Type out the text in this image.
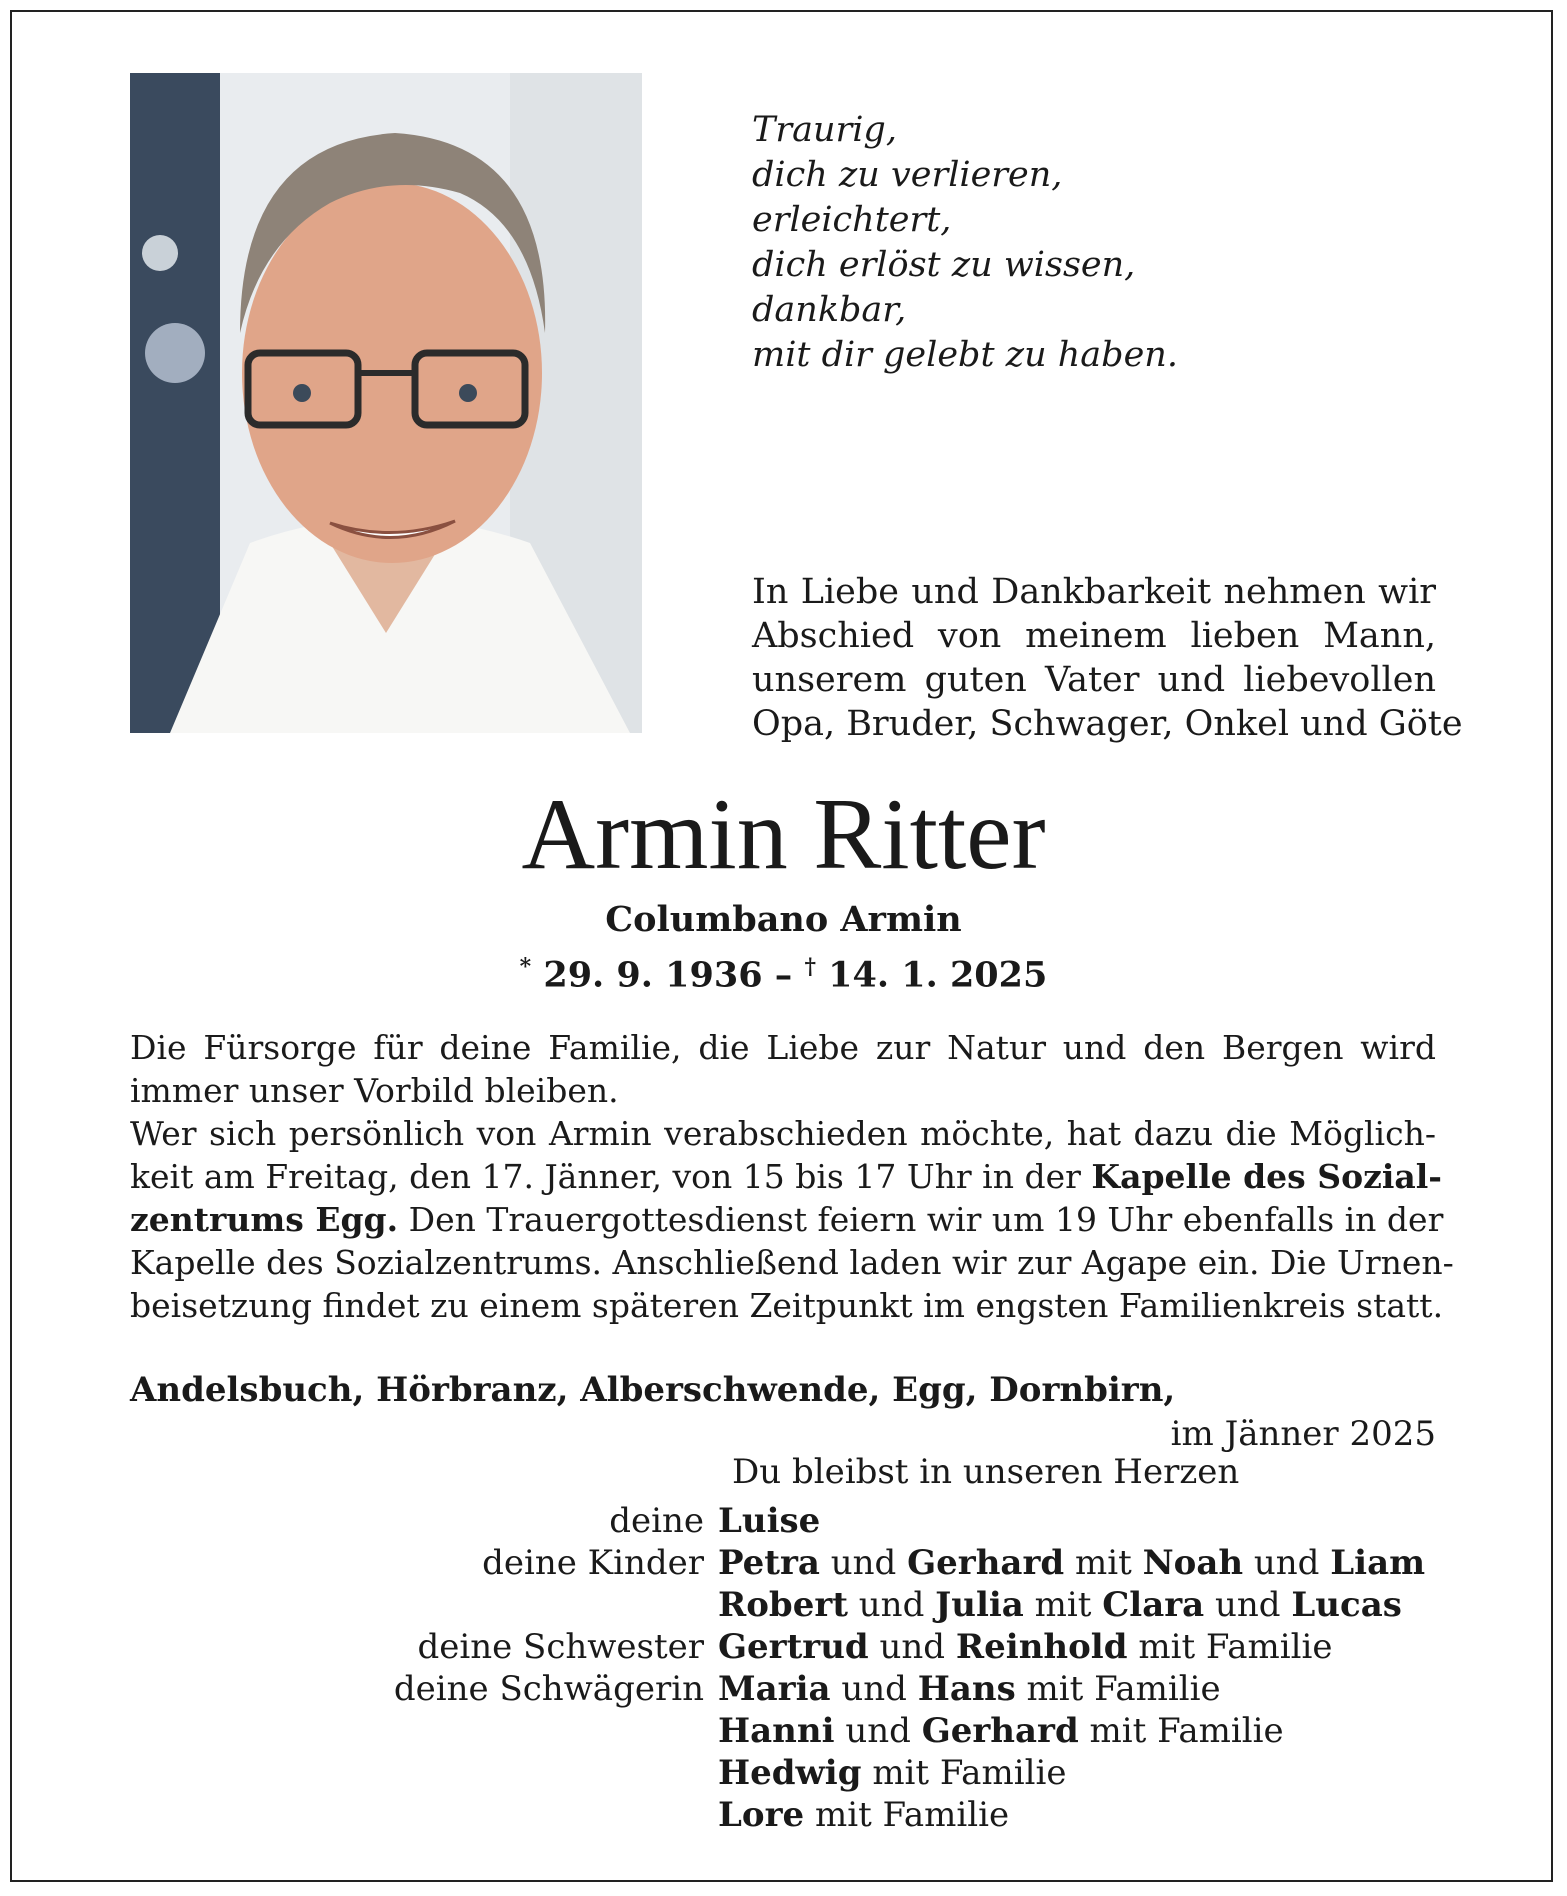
Traurig,
dich zu verlieren,
erleichtert,
dich erlöst zu wissen,
dankbar,
mit dir gelebt zu haben.
In Liebe und Dankbarkeit nehmen wir
Abschied von meinem lieben Mann,
unserem guten Vater und liebevollen
Opa, Bruder, Schwager, Onkel und Göte
Armin Ritter
Columbano Armin
* 29. 9. 1936 – † 14. 1. 2025
Die Fürsorge für deine Familie, die Liebe zur Natur und den Bergen wird
immer unser Vorbild bleiben.
Wer sich persönlich von Armin verabschieden möchte, hat dazu die Möglich-
keit am Freitag, den 17. Jänner, von 15 bis 17 Uhr in der Kapelle des Sozial-
zentrums Egg. Den Trauergottesdienst feiern wir um 19 Uhr ebenfalls in der
Kapelle des Sozialzentrums. Anschließend laden wir zur Agape ein. Die Urnen-
beisetzung findet zu einem späteren Zeitpunkt im engsten Familienkreis statt.
Andelsbuch, Hörbranz, Alberschwende, Egg, Dornbirn,
im Jänner 2025
Du bleibst in unseren Herzen
deine Luise
deine Kinder Petra und Gerhard mit Noah und Liam
Robert und Julia mit Clara und Lucas
deine Schwester Gertrud und Reinhold mit Familie
deine Schwägerin Maria und Hans mit Familie
Hanni und Gerhard mit Familie
Hedwig mit Familie
Lore mit Familie
